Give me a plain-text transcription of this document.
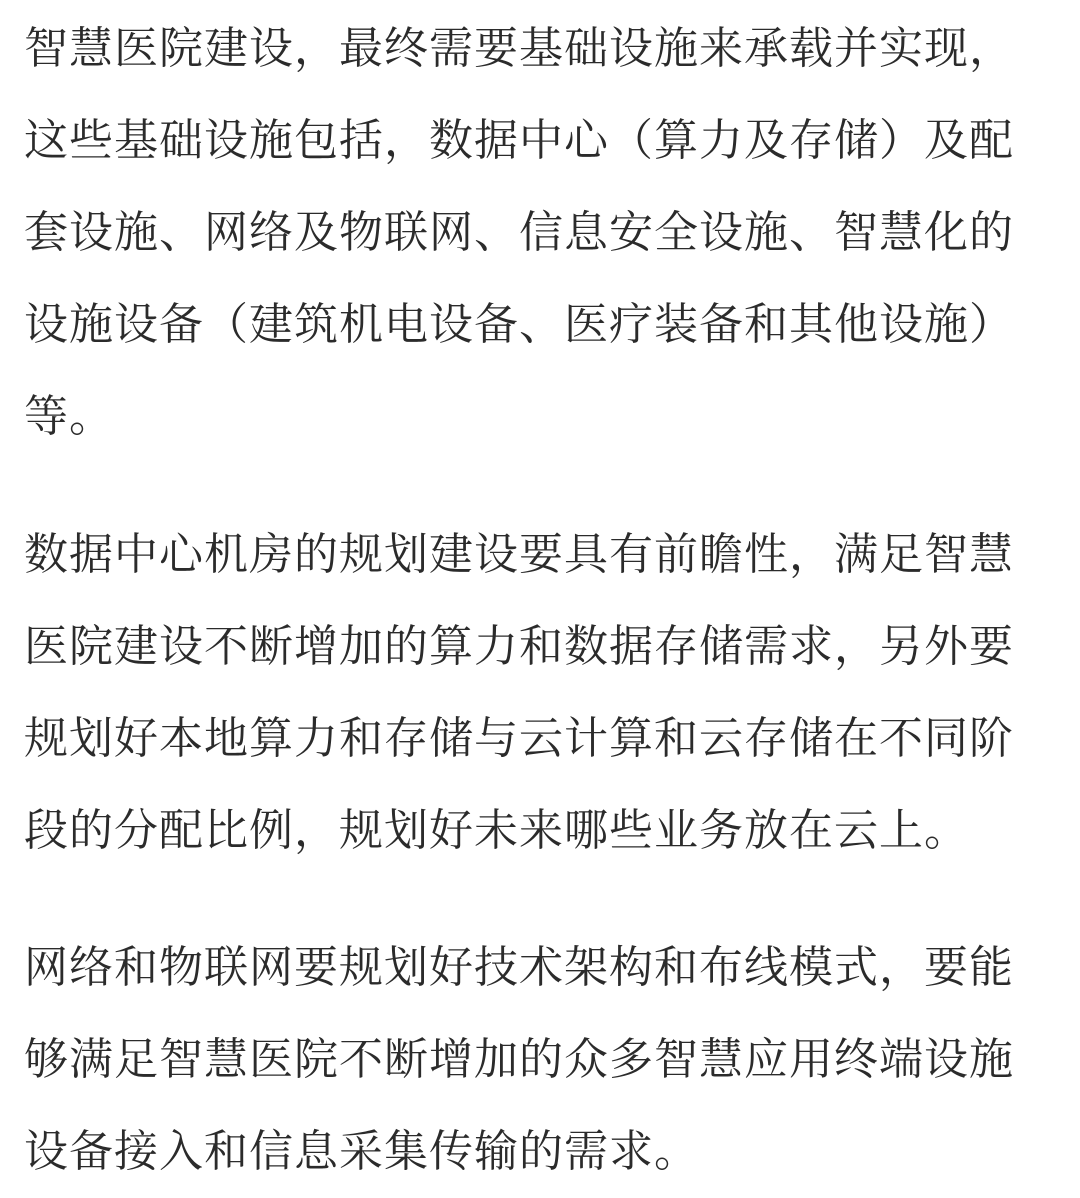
智慧医院建设，最终需要基础设施来承载并实现，
这些基础设施包括，数据中心（算力及存储）及配
套设施、网络及物联网、信息安全设施、智慧化的
设施设备（建筑机电设备、医疗装备和其他设施）
等。

数据中心机房的规划建设要具有前瞻性，满足智慧
医院建设不断增加的算力和数据存储需求，另外要
规划好本地算力和存储与云计算和云存储在不同阶
段的分配比例，规划好未来哪些业务放在云上。

网络和物联网要规划好技术架构和布线模式，要能
够满足智慧医院不断增加的众多智慧应用终端设施
设备接入和信息采集传输的需求。
